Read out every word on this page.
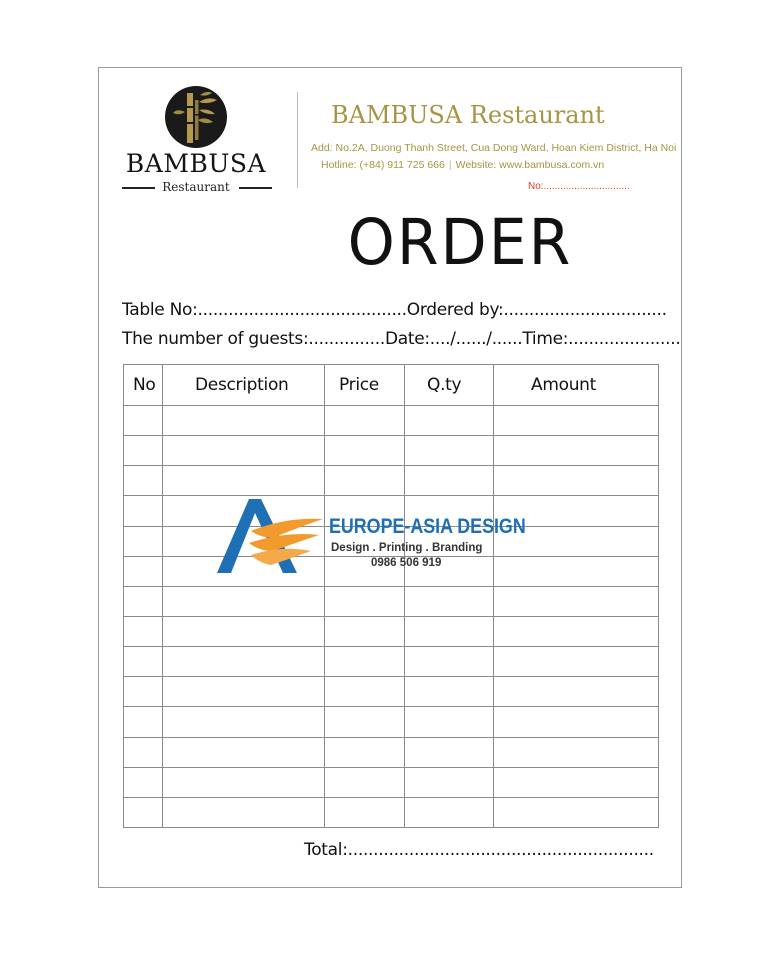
BAMBUSA
Restaurant
BAMBUSA Restaurant
Add: No.2A, Duong Thanh Street, Cua Dong Ward, Hoan Kiem District, Ha Noi
Hotline: (+84) 911 725 666 | Website: www.bambusa.com.vn
No:...............................
ORDER
Table No:.........................................Ordered by:................................
The number of guests:...............Date:..../....../......Time:......................
No	Description	Price	Q.ty	Amount

Total:............................................................
EUROPE-ASIA DESIGN
Design . Printing . Branding
0986 506 919
